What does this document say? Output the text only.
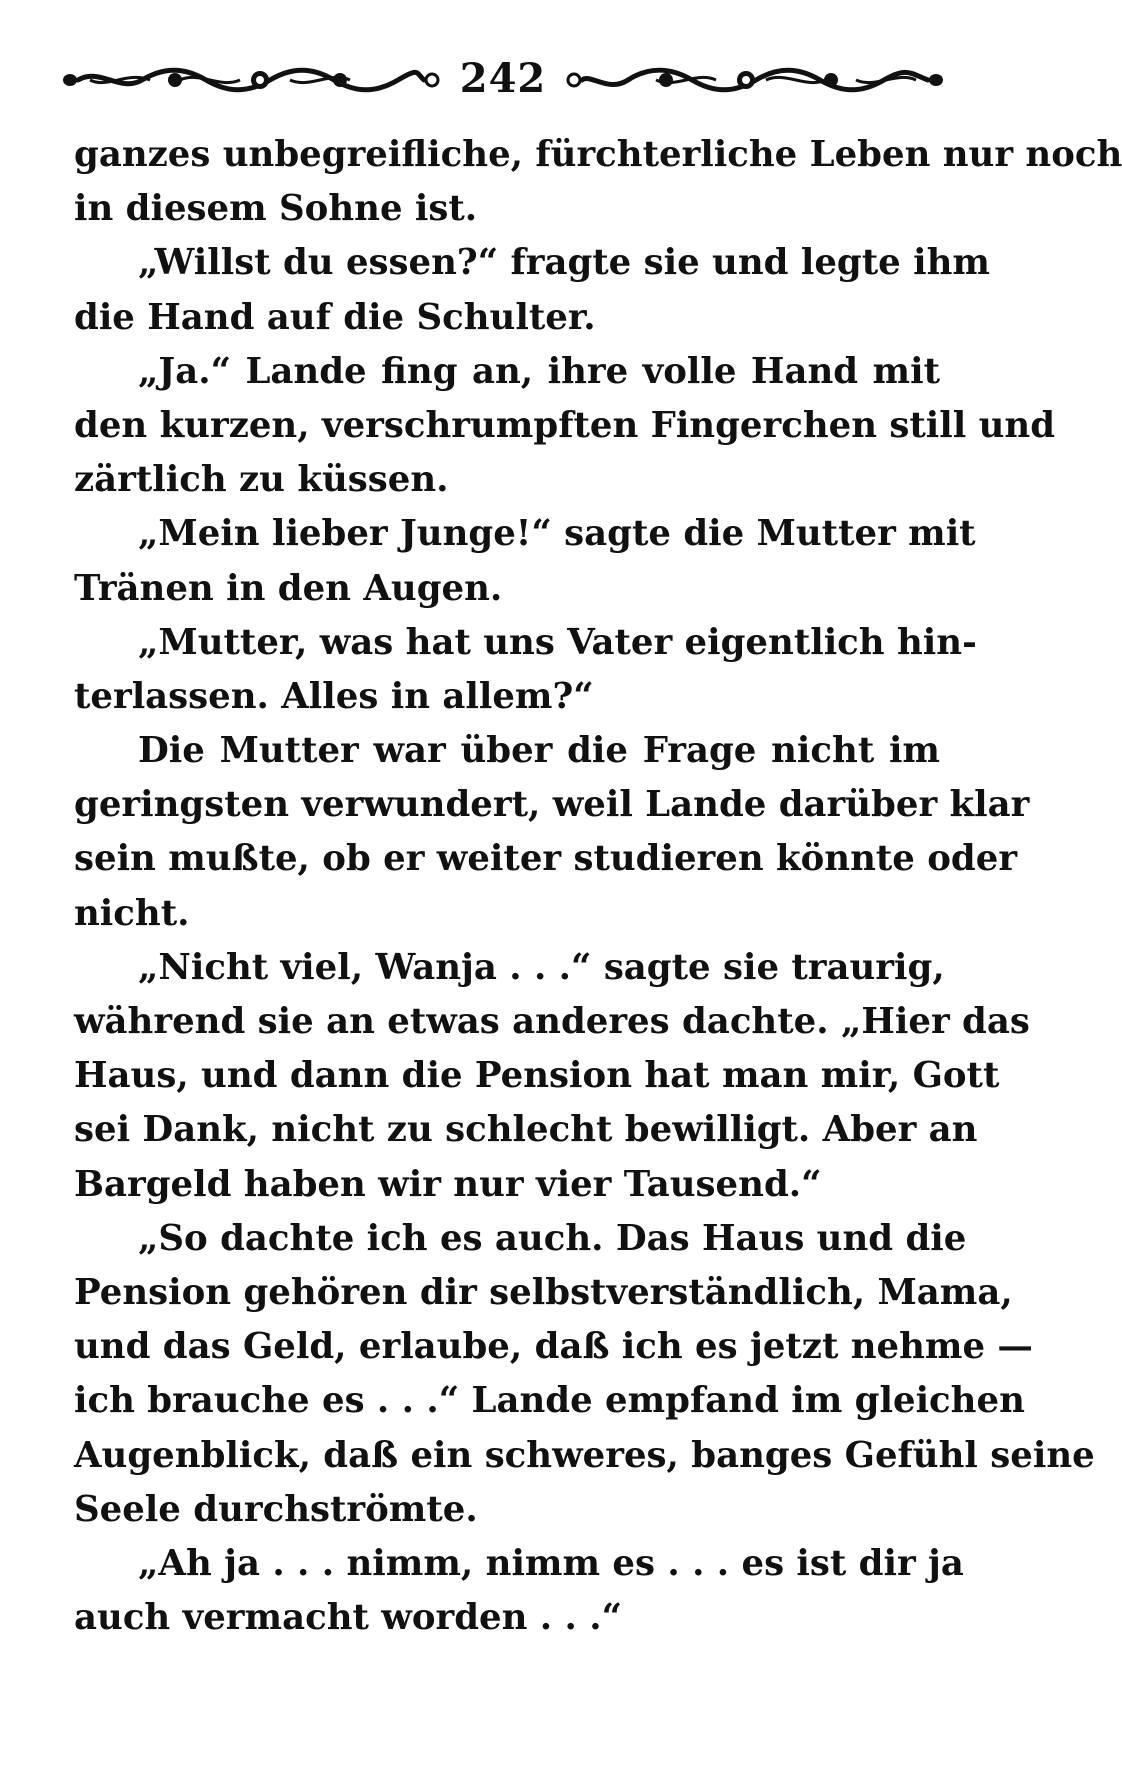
242
ganzes unbegreifliche, fürchterliche Leben nur noch
in diesem Sohne ist.
„Willst du essen?“ fragte sie und legte ihm
die Hand auf die Schulter.
„Ja.“ Lande fing an, ihre volle Hand mit
den kurzen, verschrumpften Fingerchen still und
zärtlich zu küssen.
„Mein lieber Junge!“ sagte die Mutter mit
Tränen in den Augen.
„Mutter, was hat uns Vater eigentlich hin-
terlassen. Alles in allem?“
Die Mutter war über die Frage nicht im
geringsten verwundert, weil Lande darüber klar
sein mußte, ob er weiter studieren könnte oder
nicht.
„Nicht viel, Wanja . . .“ sagte sie traurig,
während sie an etwas anderes dachte. „Hier das
Haus, und dann die Pension hat man mir, Gott
sei Dank, nicht zu schlecht bewilligt. Aber an
Bargeld haben wir nur vier Tausend.“
„So dachte ich es auch. Das Haus und die
Pension gehören dir selbstverständlich, Mama,
und das Geld, erlaube, daß ich es jetzt nehme —
ich brauche es . . .“ Lande empfand im gleichen
Augenblick, daß ein schweres, banges Gefühl seine
Seele durchströmte.
„Ah ja . . . nimm, nimm es . . . es ist dir ja
auch vermacht worden . . .“
